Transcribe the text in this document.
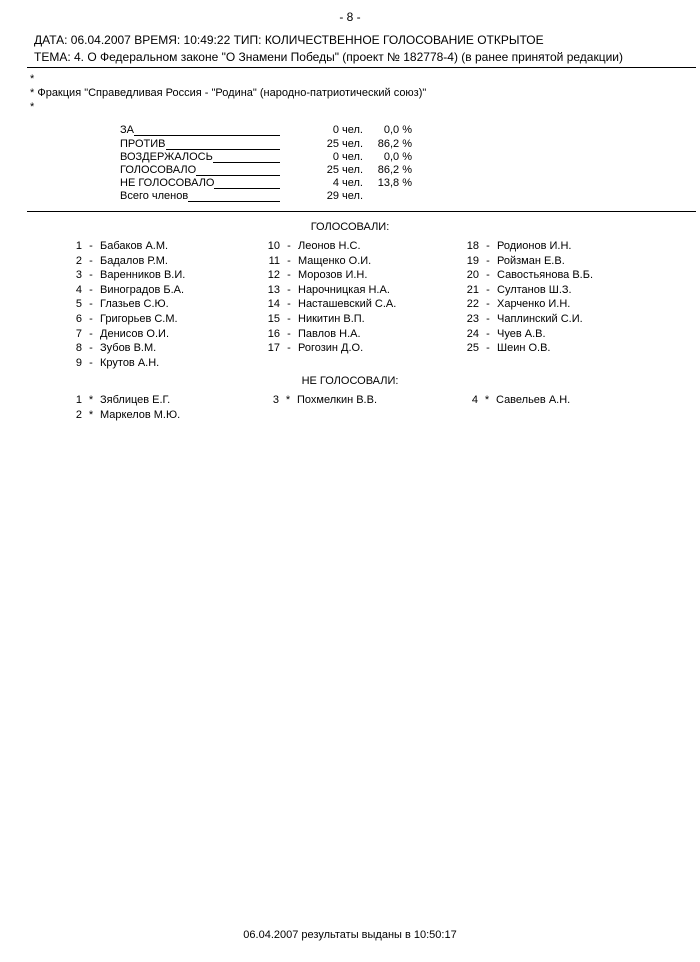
- 8 -
ДАТА: 06.04.2007 ВРЕМЯ: 10:49:22 ТИП: КОЛИЧЕСТВЕННОЕ ГОЛОСОВАНИЕ ОТКРЫТОЕ
ТЕМА: 4. О Федеральном законе "О Знамени Победы" (проект № 182778-4) (в ранее принятой редакции)
*
* Фракция "Справедливая Россия - "Родина" (народно-патриотический союз)"
*
ЗА	0 чел.	0,0 %
ПРОТИВ	25 чел.	86,2 %
ВОЗДЕРЖАЛОСЬ	0 чел.	0,0 %
ГОЛОСОВАЛО	25 чел.	86,2 %
НЕ ГОЛОСОВАЛО	4 чел.	13,8 %
Всего членов	29 чел.
ГОЛОСОВАЛИ:
1 - Бабаков А.М.
2 - Бадалов Р.М.
3 - Варенников В.И.
4 - Виноградов Б.А.
5 - Глазьев С.Ю.
6 - Григорьев С.М.
7 - Денисов О.И.
8 - Зубов В.М.
9 - Крутов А.Н.
10 - Леонов Н.С.
11 - Мащенко О.И.
12 - Морозов И.Н.
13 - Нарочницкая Н.А.
14 - Насташевский С.А.
15 - Никитин В.П.
16 - Павлов Н.А.
17 - Рогозин Д.О.
18 - Родионов И.Н.
19 - Ройзман Е.В.
20 - Савостьянова В.Б.
21 - Султанов Ш.З.
22 - Харченко И.Н.
23 - Чаплинский С.И.
24 - Чуев А.В.
25 - Шеин О.В.
НЕ ГОЛОСОВАЛИ:
1 * Зяблицев Е.Г.
2 * Маркелов М.Ю.
3 * Похмелкин В.В.	4 * Савельев А.Н.
06.04.2007 результаты выданы в 10:50:17
